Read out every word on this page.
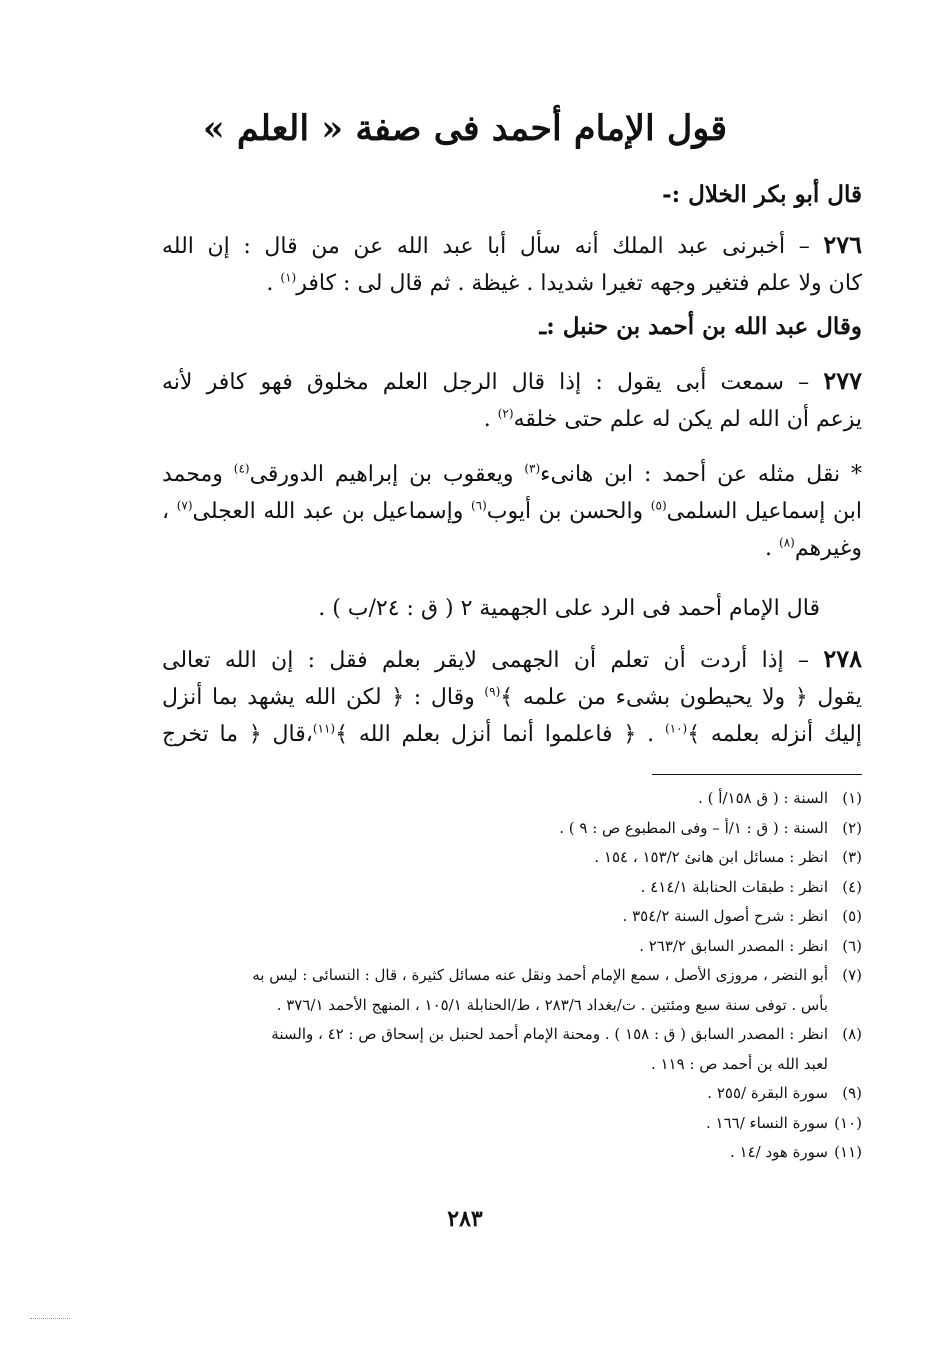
قول الإمام أحمد فى صفة « العلم »
قال أبو بكر الخلال :-
٢٧٦ – أخبرنى عبد الملك أنه سأل أبا عبد الله عن من قال : إن الله
كان ولا علم فتغير وجهه تغيرا شديدا . غيظة . ثم قال لى : كافر$^{(١)}$ .
وقال عبد الله بن أحمد بن حنبل :ـ
٢٧٧ – سمعت أبى يقول : إذا قال الرجل العلم مخلوق فهو كافر لأنه
يزعم أن الله لم يكن له علم حتى خلقه$^{(٢)}$ .
* نقل مثله عن أحمد : ابن هانىء$^{(٣)}$ ويعقوب بن إبراهيم الدورقى$^{(٤)}$ ومحمد
ابن إسماعيل السلمى$^{(٥)}$ والحسن بن أيوب$^{(٦)}$ وإسماعيل بن عبد الله العجلى$^{(٧)}$ ،
وغيرهم$^{(٨)}$ .
قال الإمام أحمد فى الرد على الجهمية ٢ ( ق : ٢٤/ب ) .
٢٧٨ – إذا أردت أن تعلم أن الجهمى لايقر بعلم فقل : إن الله تعالى
يقول ﴿ ولا يحيطون بشىء من علمه ﴾$^{(٩)}$ وقال : ﴿ لكن الله يشهد بما أنزل
إليك أنزله بعلمه ﴾$^{(١٠)}$ . ﴿ فاعلموا أنما أنزل بعلم الله ﴾$^{(١١)}$،قال ﴿ ما تخرج
(١)السنة : ( ق ١٥٨/أ ) .
(٢)السنة : ( ق : ١/أ – وفى المطبوع ص : ٩ ) .
(٣)انظر : مسائل ابن هانئ ١٥٣/٢ ، ١٥٤ .
(٤)انظر : طبقات الحنابلة ٤١٤/١ .
(٥)انظر : شرح أصول السنة ٣٥٤/٢ .
(٦)انظر : المصدر السابق ٢٦٣/٢ .
(٧)أبو النضر ، مروزى الأصل ، سمع الإمام أحمد ونقل عنه مسائل كثيرة ، قال : النسائى : ليس به
بأس . توفى سنة سبع ومئتين . ت/بغداد ٢٨٣/٦ ، ط/الحنابلة ١٠٥/١ ، المنهج الأحمد ٣٧٦/١ .
(٨)انظر : المصدر السابق ( ق : ١٥٨ ) . ومحنة الإمام أحمد لحنبل بن إسحاق ص : ٤٢ ، والسنة
لعبد الله بن أحمد ص : ١١٩ .
(٩)سورة البقرة /٢٥٥ .
(١٠)سورة النساء /١٦٦ .
(١١)سورة هود /١٤ .
٢٨٣
